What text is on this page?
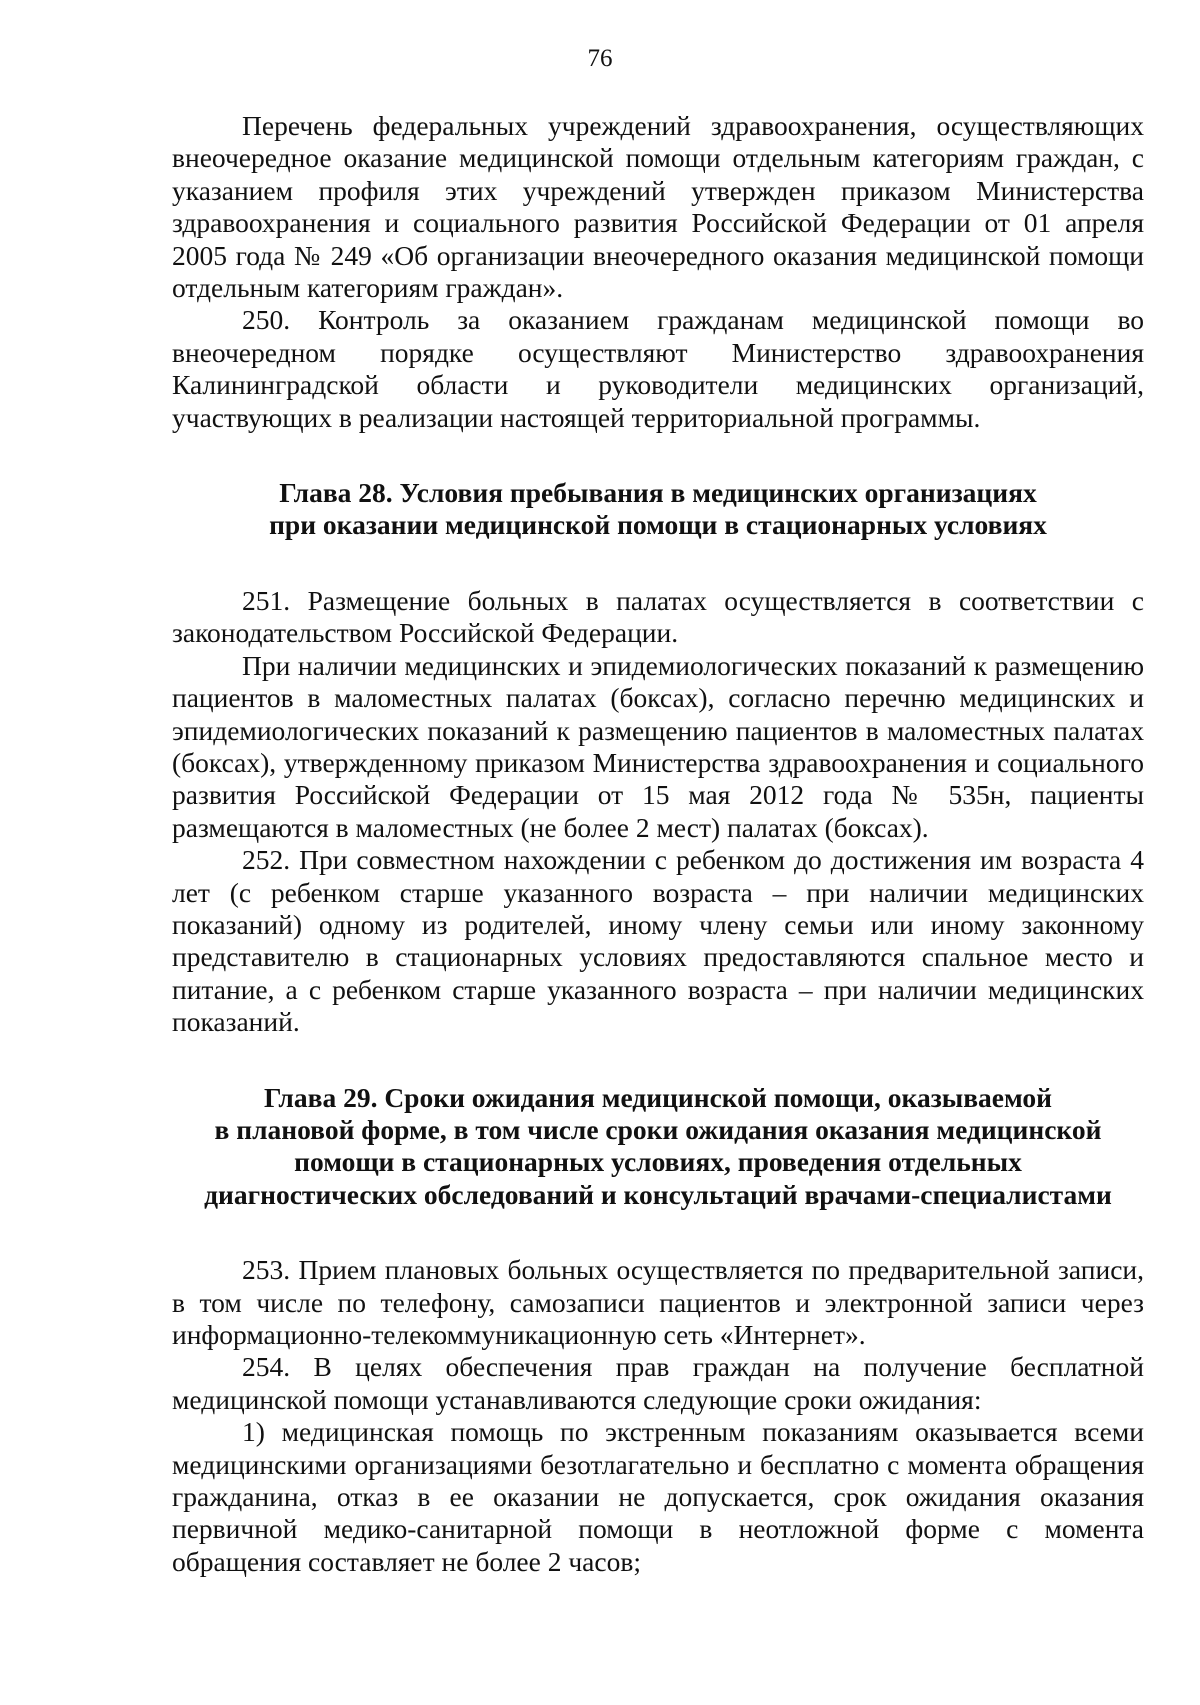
76

Перечень федеральных учреждений здравоохранения, осуществляющих внеочередное оказание медицинской помощи отдельным категориям граждан, с указанием профиля этих учреждений утвержден приказом Министерства здравоохранения и социального развития Российской Федерации от 01 апреля 2005 года № 249 «Об организации внеочередного оказания медицинской помощи отдельным категориям граждан».

250. Контроль за оказанием гражданам медицинской помощи во внеочередном порядке осуществляют Министерство здравоохранения Калининградской области и руководители медицинских организаций, участвующих в реализации настоящей территориальной программы.

Глава 28. Условия пребывания в медицинских организациях
при оказании медицинской помощи в стационарных условиях

251. Размещение больных в палатах осуществляется в соответствии с законодательством Российской Федерации.

При наличии медицинских и эпидемиологических показаний к размещению пациентов в маломестных палатах (боксах), согласно перечню медицинских и эпидемиологических показаний к размещению пациентов в маломестных палатах (боксах), утвержденному приказом Министерства здравоохранения и социального развития Российской Федерации от 15 мая 2012 года № 535н, пациенты размещаются в маломестных (не более 2 мест) палатах (боксах).

252. При совместном нахождении с ребенком до достижения им возраста 4 лет (с ребенком старше указанного возраста – при наличии медицинских показаний) одному из родителей, иному члену семьи или иному законному представителю в стационарных условиях предоставляются спальное место и питание, а с ребенком старше указанного возраста – при наличии медицинских показаний.

Глава 29. Сроки ожидания медицинской помощи, оказываемой
в плановой форме, в том числе сроки ожидания оказания медицинской
помощи в стационарных условиях, проведения отдельных
диагностических обследований и консультаций врачами-специалистами

253. Прием плановых больных осуществляется по предварительной записи, в том числе по телефону, самозаписи пациентов и электронной записи через информационно-телекоммуникационную сеть «Интернет».

254. В целях обеспечения прав граждан на получение бесплатной медицинской помощи устанавливаются следующие сроки ожидания:

1) медицинская помощь по экстренным показаниям оказывается всеми медицинскими организациями безотлагательно и бесплатно с момента обращения гражданина, отказ в ее оказании не допускается, срок ожидания оказания первичной медико-санитарной помощи в неотложной форме с момента обращения составляет не более 2 часов;
